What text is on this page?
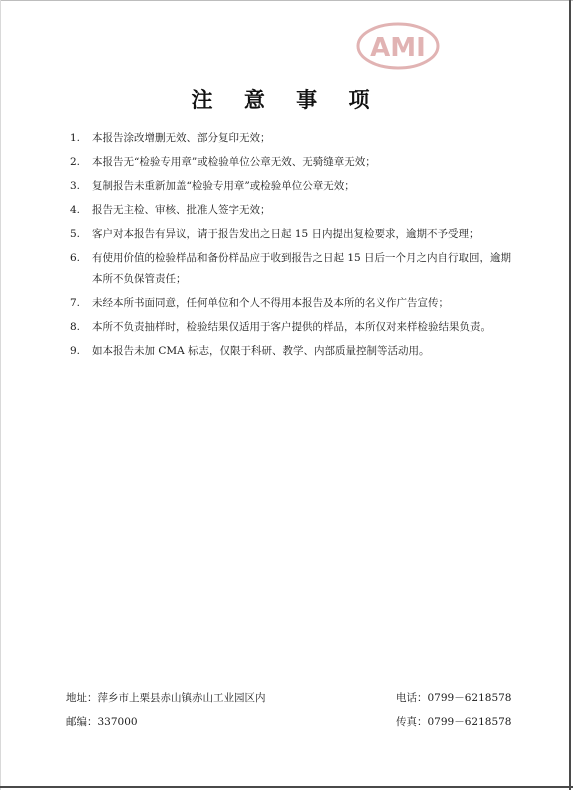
AMI
注 意 事 项
1.	本报告涂改增删无效、部分复印无效；
2.	本报告无“检验专用章”或检验单位公章无效、无骑缝章无效；
3.	复制报告未重新加盖“检验专用章”或检验单位公章无效；
4.	报告无主检、审核、批准人签字无效；
5.	客户对本报告有异议，请于报告发出之日起 15 日内提出复检要求，逾期不予受理；
6.	有使用价值的检验样品和备份样品应于收到报告之日起 15 日后一个月之内自行取回，逾期本所不负保管责任；
7.	未经本所书面同意，任何单位和个人不得用本报告及本所的名义作广告宣传；
8.	本所不负责抽样时，检验结果仅适用于客户提供的样品，本所仅对来样检验结果负责。
9.	如本报告未加 CMA 标志，仅限于科研、教学、内部质量控制等活动用。
地址：萍乡市上栗县赤山镇赤山工业园区内	电话：0799－6218578
邮编：337000	传真：0799－6218578
